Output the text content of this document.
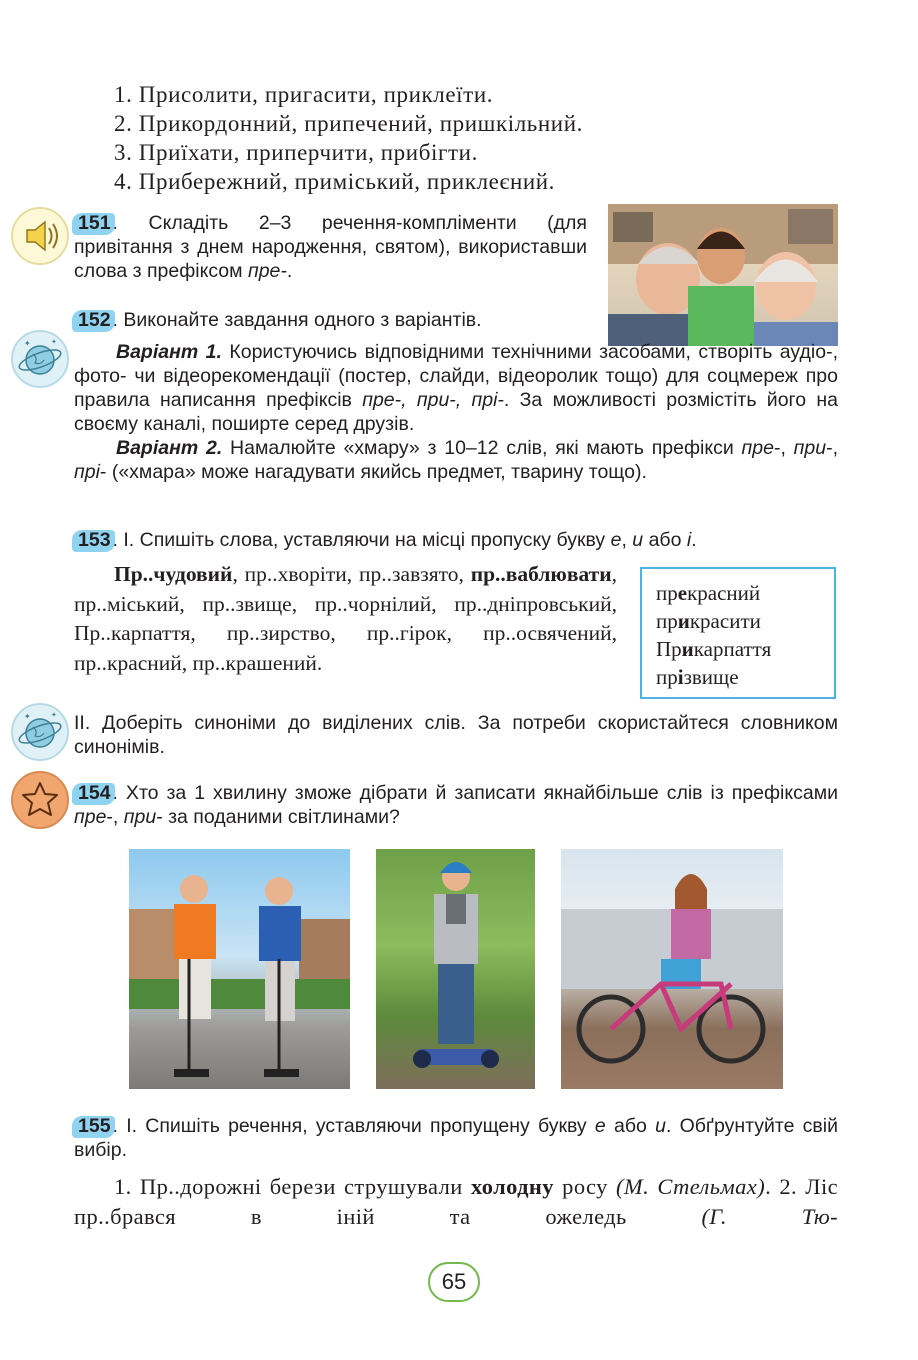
1. Присолити, пригасити, приклеїти.
2. Прикордонний, припечений, пришкільний.
3. Приїхати, приперчити, прибігти.
4. Прибережний, приміський, приклеєний.
151 . Складіть 2–3 речення-компліменти (для привітання з днем народження, святом), використавши слова з префіксом пре-.
✦	✦
152 . Виконайте завдання одного з варіантів.
Варіант 1. Користуючись відповідними технічними засобами, створіть аудіо-, фото- чи відеорекомендації (постер, слайди, відеоролик тощо) для соцмереж про правила написання префіксів пре-, при-, прі-. За можливості розмістіть його на своєму каналі, поширте серед друзів.
Варіант 2. Намалюйте «хмару» з 10–12 слів, які мають префікси пре-, при-, прі- («хмара» може нагадувати якийсь предмет, тварину тощо).
153 . І. Спишіть слова, уставляючи на місці пропуску букву е, и або і.
Пр..чудовий, пр..хворіти, пр..завзято, пр..ваблювати, пр..міський, пр..звище, пр..чорнілий, пр..дніпровський, Пр..карпаття, пр..зирство, пр..гірок, пр..освячений, пр..красний, пр..крашений.
прекрасний
прикрасити
Прикарпаття
прізвище
✦	✦ ІІ. Доберіть синоніми до виділених слів. За потреби скористайтеся словником синонімів.
154 . Хто за 1 хвилину зможе дібрати й записати якнайбільше слів із префіксами пре-, при- за поданими світлинами?
155 . І. Спишіть речення, уставляючи пропущену букву е або и. Обґрунтуйте свій вибір.
1. Пр..дорожні берези струшували холодну росу (М. Стельмах). 2. Ліс пр..брався в іній та ожеледь (Г. Тю-
65
